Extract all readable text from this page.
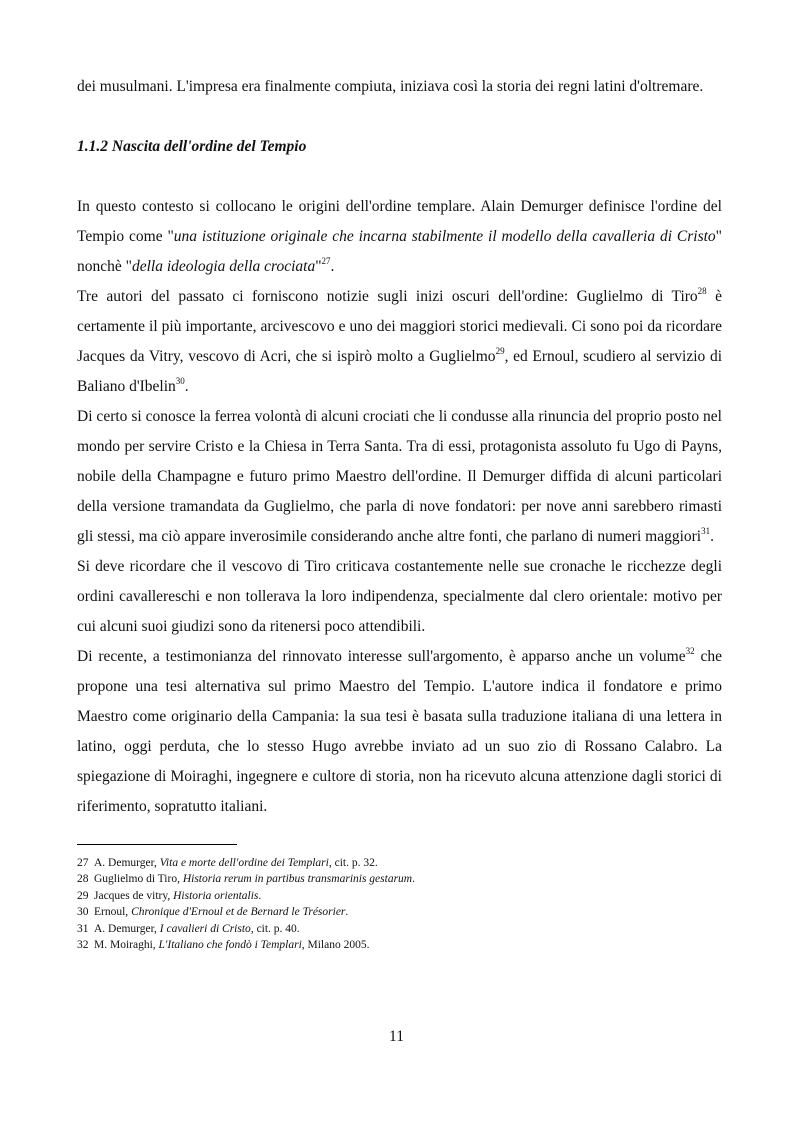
dei musulmani. L'impresa era finalmente compiuta, iniziava così la storia dei regni latini d'oltremare.

1.1.2 Nascita dell'ordine del Tempio

In questo contesto si collocano le origini dell'ordine templare. Alain Demurger definisce l'ordine del Tempio come "una istituzione originale che incarna stabilmente il modello della cavalleria di Cristo" nonchè "della ideologia della crociata"$^{27}$.

Tre autori del passato ci forniscono notizie sugli inizi oscuri dell'ordine: Guglielmo di Tiro$^{28}$ è certamente il più importante, arcivescovo e uno dei maggiori storici medievali. Ci sono poi da ricordare Jacques da Vitry, vescovo di Acri, che si ispirò molto a Guglielmo$^{29}$, ed Ernoul, scudiero al servizio di Baliano d'Ibelin$^{30}$.

Di certo si conosce la ferrea volontà di alcuni crociati che li condusse alla rinuncia del proprio posto nel mondo per servire Cristo e la Chiesa in Terra Santa. Tra di essi, protagonista assoluto fu Ugo di Payns, nobile della Champagne e futuro primo Maestro dell'ordine. Il Demurger diffida di alcuni particolari della versione tramandata da Guglielmo, che parla di nove fondatori: per nove anni sarebbero rimasti gli stessi, ma ciò appare inverosimile considerando anche altre fonti, che parlano di numeri maggiori$^{31}$.

Si deve ricordare che il vescovo di Tiro criticava costantemente nelle sue cronache le ricchezze degli ordini cavallereschi e non tollerava la loro indipendenza, specialmente dal clero orientale: motivo per cui alcuni suoi giudizi sono da ritenersi poco attendibili.

Di recente, a testimonianza del rinnovato interesse sull'argomento, è apparso anche un volume$^{32}$ che propone una tesi alternativa sul primo Maestro del Tempio. L'autore indica il fondatore e primo Maestro come originario della Campania: la sua tesi è basata sulla traduzione italiana di una lettera in latino, oggi perduta, che lo stesso Hugo avrebbe inviato ad un suo zio di Rossano Calabro. La spiegazione di Moiraghi, ingegnere e cultore di storia, non ha ricevuto alcuna attenzione dagli storici di riferimento, sopratutto italiani.

27 A. Demurger, Vita e morte dell'ordine dei Templari, cit. p. 32.
28 Guglielmo di Tiro, Historia rerum in partibus transmarinis gestarum.
29 Jacques de vitry, Historia orientalis.
30 Ernoul, Chronique d'Ernoul et de Bernard le Trésorier.
31 A. Demurger, I cavalieri di Cristo, cit. p. 40.
32 M. Moiraghi, L'Italiano che fondò i Templari, Milano 2005.
11
